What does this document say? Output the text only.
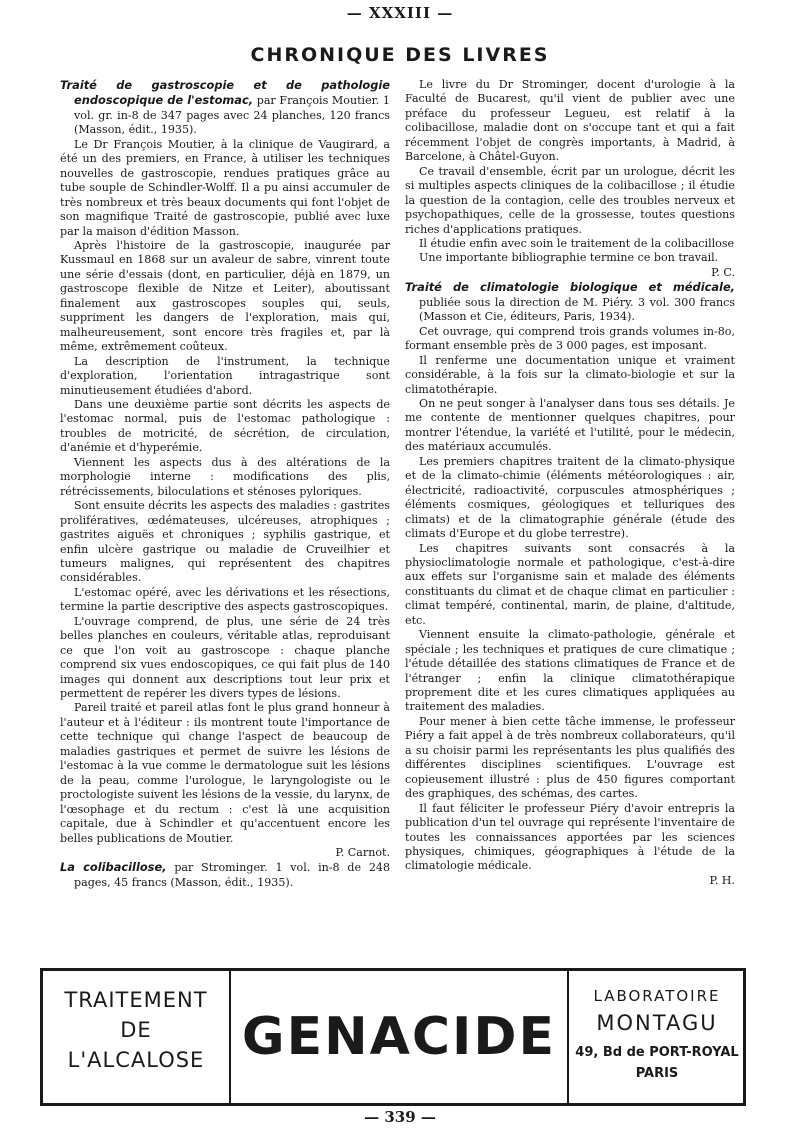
— XXXIII —
CHRONIQUE DES LIVRES

Traité de gastroscopie et de pathologie endoscopique de l'estomac, par François Moutier. 1 vol. gr. in-8 de 347 pages avec 24 planches, 120 francs (Masson, édit., 1935).

Le Dr François Moutier, à la clinique de Vaugirard, a été un des premiers, en France, à utiliser les techniques nouvelles de gastroscopie, rendues pratiques grâce au tube souple de Schindler-Wolff. Il a pu ainsi accumuler de très nombreux et très beaux documents qui font l'objet de son magnifique Traité de gastroscopie, publié avec luxe par la maison d'édition Masson.

Après l'histoire de la gastroscopie, inaugurée par Kussmaul en 1868 sur un avaleur de sabre, vinrent toute une série d'essais (dont, en particulier, déjà en 1879, un gastroscope flexible de Nitze et Leiter), aboutissant finalement aux gastroscopes souples qui, seuls, suppriment les dangers de l'exploration, mais qui, malheureusement, sont encore très fragiles et, par là même, extrêmement coûteux.

La description de l'instrument, la technique d'exploration, l'orientation intragastrique sont minutieusement étudiées d'abord.

Dans une deuxième partie sont décrits les aspects de l'estomac normal, puis de l'estomac pathologique : troubles de motricité, de sécrétion, de circulation, d'anémie et d'hyperémie.

Viennent les aspects dus à des altérations de la morphologie interne : modifications des plis, rétrécissements, biloculations et sténoses pyloriques.

Sont ensuite décrits les aspects des maladies : gastrites prolifératives, œdémateuses, ulcéreuses, atrophiques ; gastrites aiguës et chroniques ; syphilis gastrique, et enfin ulcère gastrique ou maladie de Cruveilhier et tumeurs malignes, qui représentent des chapitres considérables.

L'estomac opéré, avec les dérivations et les résections, termine la partie descriptive des aspects gastroscopiques.

L'ouvrage comprend, de plus, une série de 24 très belles planches en couleurs, véritable atlas, reproduisant ce que l'on voit au gastroscope : chaque planche comprend six vues endoscopiques, ce qui fait plus de 140 images qui donnent aux descriptions tout leur prix et permettent de repérer les divers types de lésions.

Pareil traité et pareil atlas font le plus grand honneur à l'auteur et à l'éditeur : ils montrent toute l'importance de cette technique qui change l'aspect de beaucoup de maladies gastriques et permet de suivre les lésions de l'estomac à la vue comme le dermatologue suit les lésions de la peau, comme l'urologue, le laryngologiste ou le proctologiste suivent les lésions de la vessie, du larynx, de l'œsophage et du rectum : c'est là une acquisition capitale, due à Schindler et qu'accentuent encore les belles publications de Moutier.

P. Carnot.

La colibacillose, par Strominger. 1 vol. in-8 de 248 pages, 45 francs (Masson, édit., 1935).

Le livre du Dr Strominger, docent d'urologie à la Faculté de Bucarest, qu'il vient de publier avec une préface du professeur Legueu, est relatif à la colibacillose, maladie dont on s'occupe tant et qui a fait récemment l'objet de congrès importants, à Madrid, à Barcelone, à Châtel-Guyon.

Ce travail d'ensemble, écrit par un urologue, décrit les si multiples aspects cliniques de la colibacillose ; il étudie la question de la contagion, celle des troubles nerveux et psychopathiques, celle de la grossesse, toutes questions riches d'applications pratiques.

Il étudie enfin avec soin le traitement de la colibacillose

Une importante bibliographie termine ce bon travail.

P. C.

Traité de climatologie biologique et médicale, publiée sous la direction de M. Piéry. 3 vol. 300 francs (Masson et Cie, éditeurs, Paris, 1934).

Cet ouvrage, qui comprend trois grands volumes in-8o, formant ensemble près de 3 000 pages, est imposant.

Il renferme une documentation unique et vraiment considérable, à la fois sur la climato-biologie et sur la climatothérapie.

On ne peut songer à l'analyser dans tous ses détails. Je me contente de mentionner quelques chapitres, pour montrer l'étendue, la variété et l'utilité, pour le médecin, des matériaux accumulés.

Les premiers chapitres traitent de la climato-physique et de la climato-chimie (éléments météorologiques : air, électricité, radioactivité, corpuscules atmosphériques ; éléments cosmiques, géologiques et telluriques des climats) et de la climatographie générale (étude des climats d'Europe et du globe terrestre).

Les chapitres suivants sont consacrés à la physioclimatologie normale et pathologique, c'est-à-dire aux effets sur l'organisme sain et malade des éléments constituants du climat et de chaque climat en particulier : climat tempéré, continental, marin, de plaine, d'altitude, etc.

Viennent ensuite la climato-pathologie, générale et spéciale ; les techniques et pratiques de cure climatique ; l'étude détaillée des stations climatiques de France et de l'étranger ; enfin la clinique climatothérapique proprement dite et les cures climatiques appliquées au traitement des maladies.

Pour mener à bien cette tâche immense, le professeur Piéry a fait appel à de très nombreux collaborateurs, qu'il a su choisir parmi les représentants les plus qualifiés des différentes disciplines scientifiques. L'ouvrage est copieusement illustré : plus de 450 figures comportant des graphiques, des schémas, des cartes.

Il faut féliciter le professeur Piéry d'avoir entrepris la publication d'un tel ouvrage qui représente l'inventaire de toutes les connaissances apportées par les sciences physiques, chimiques, géographiques à l'étude de la climatologie médicale.

P. H.

TRAITEMENT
DE
L'ALCALOSE GENACIDE
LABORATOIRE
MONTAGU
49, Bd de PORT-ROYAL
PARIS
— 339 —
